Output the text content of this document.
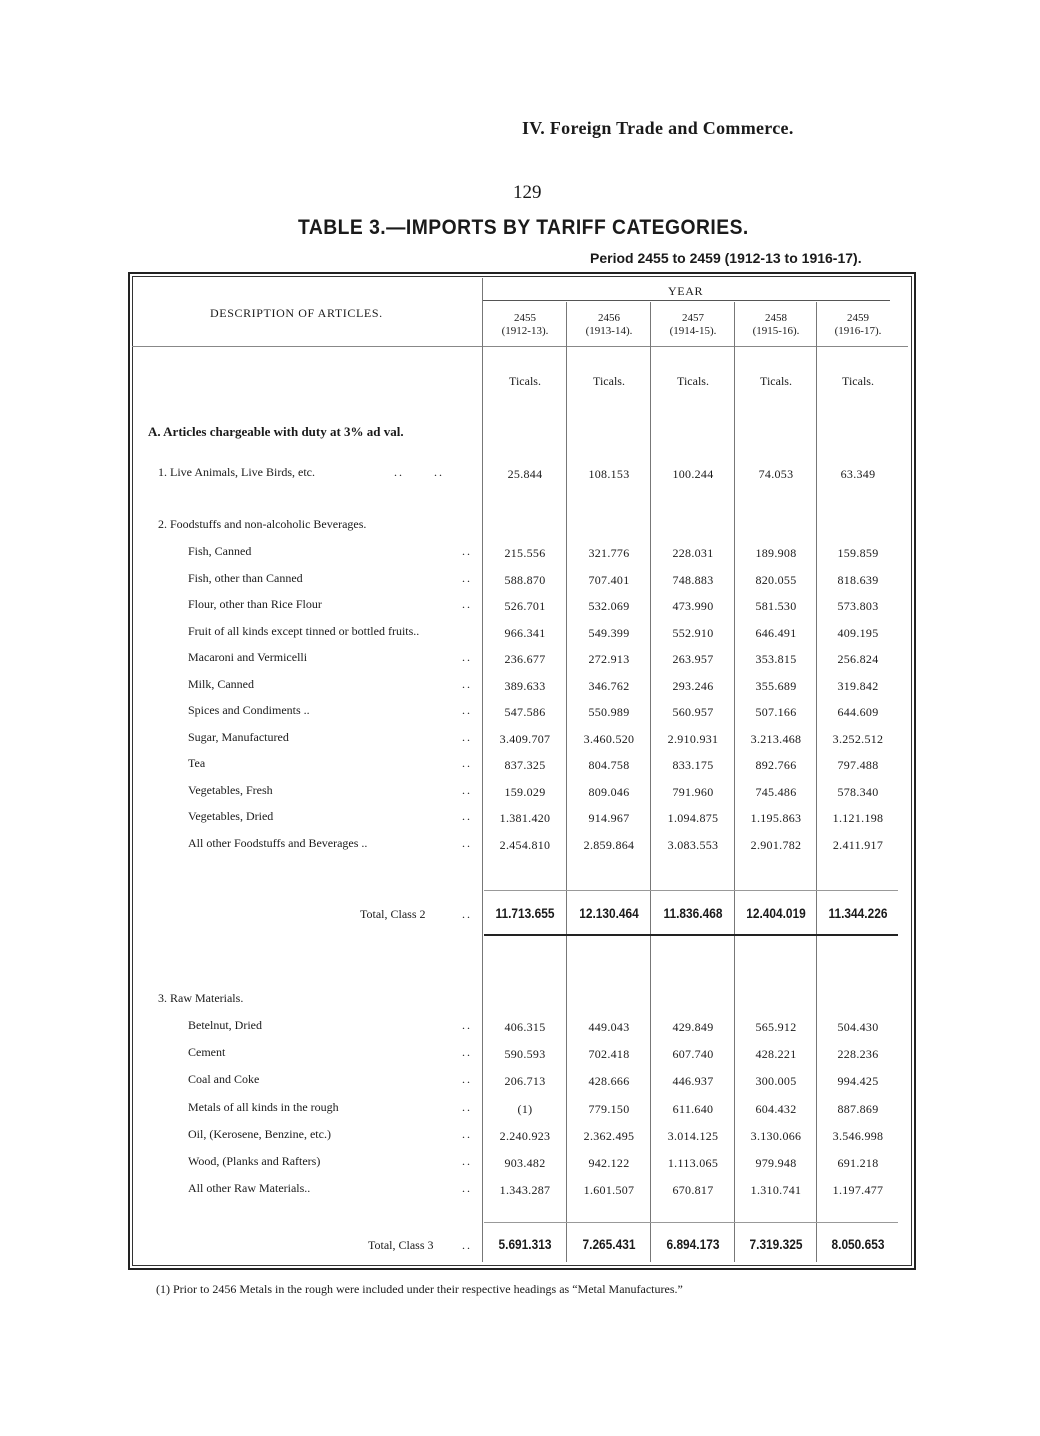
IV. Foreign Trade and Commerce.
129
TABLE 3.—IMPORTS BY TARIFF CATEGORIES.
Period 2455 to 2459 (1912-13 to 1916-17).
DESCRIPTION OF ARTICLES.
YEAR
2455
(1912-13).
2456
(1913-14).
2457
(1914-15).
2458
(1915-16).
2459
(1916-17).
Ticals.	Ticals.	Ticals.	Ticals.	Ticals.
A. Articles chargeable with duty at 3% ad val.
1. Live Animals, Live Birds, etc.	..      ..	25.844	108.153	100.244	74.053	63.349
2. Foodstuffs and non-alcoholic Beverages.
Fish, Canned	..	215.556	321.776	228.031	189.908	159.859
Fish, other than Canned	..	588.870	707.401	748.883	820.055	818.639
Flour, other than Rice Flour	..	526.701	532.069	473.990	581.530	573.803
Fruit of all kinds except tinned or bottled fruits..	966.341	549.399	552.910	646.491	409.195
Macaroni and Vermicelli	..	236.677	272.913	263.957	353.815	256.824
Milk, Canned	..	389.633	346.762	293.246	355.689	319.842
Spices and Condiments ..	..	547.586	550.989	560.957	507.166	644.609
Sugar, Manufactured	..	3.409.707	3.460.520	2.910.931	3.213.468	3.252.512
Tea	..	837.325	804.758	833.175	892.766	797.488
Vegetables, Fresh	..	159.029	809.046	791.960	745.486	578.340
Vegetables, Dried	..	1.381.420	914.967	1.094.875	1.195.863	1.121.198
All other Foodstuffs and Beverages ..	..	2.454.810	2.859.864	3.083.553	2.901.782	2.411.917
Total, Class 2	..	11.713.655	12.130.464	11.836.468	12.404.019	11.344.226
3. Raw Materials.
Betelnut, Dried	..	406.315	449.043	429.849	565.912	504.430
Cement	..	590.593	702.418	607.740	428.221	228.236
Coal and Coke	..	206.713	428.666	446.937	300.005	994.425
Metals of all kinds in the rough	..	(1)	779.150	611.640	604.432	887.869
Oil, (Kerosene, Benzine, etc.)	..	2.240.923	2.362.495	3.014.125	3.130.066	3.546.998
Wood, (Planks and Rafters)	..	903.482	942.122	1.113.065	979.948	691.218
All other Raw Materials..	..	1.343.287	1.601.507	670.817	1.310.741	1.197.477
Total, Class 3 ..	5.691.313	7.265.431	6.894.173	7.319.325	8.050.653
(1) Prior to 2456 Metals in the rough were included under their respective headings as “Metal Manufactures.”
